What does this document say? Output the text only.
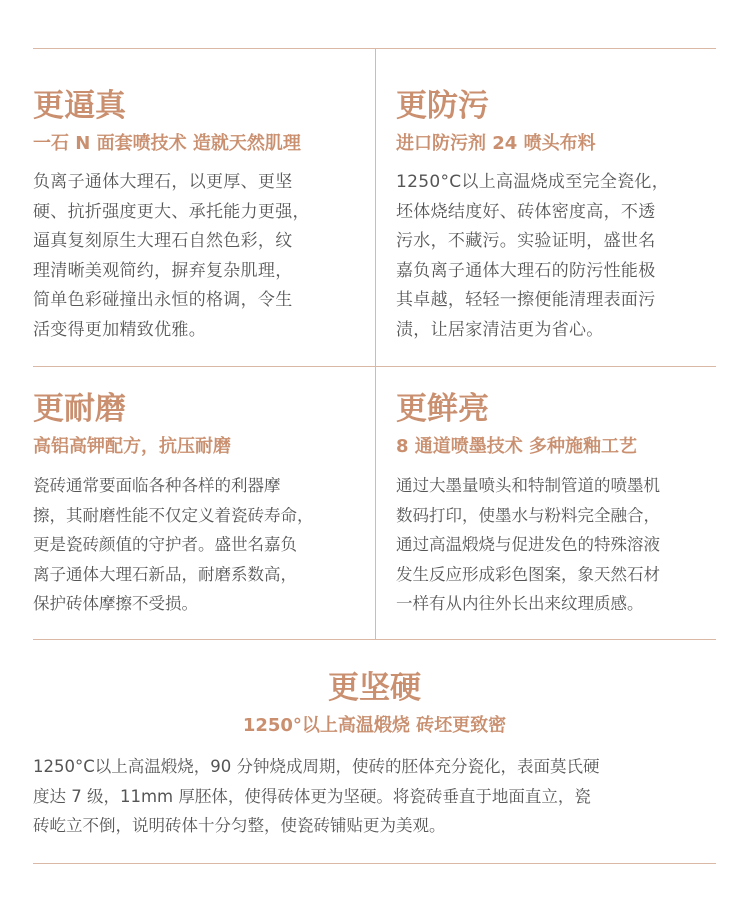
更逼真
一石 N 面套喷技术 造就天然肌理
负离子通体大理石，以更厚、更坚
硬、抗折强度更大、承托能力更强，
逼真复刻原生大理石自然色彩，纹
理清晰美观简约，摒弃复杂肌理，
简单色彩碰撞出永恒的格调，令生
活变得更加精致优雅。
更防污
进口防污剂 24 喷头布料
1250°C以上高温烧成至完全瓷化，
坯体烧结度好、砖体密度高，不透
污水，不藏污。实验证明，盛世名
嘉负离子通体大理石的防污性能极
其卓越，轻轻一擦便能清理表面污
渍，让居家清洁更为省心。
更耐磨
高铝高钾配方，抗压耐磨
瓷砖通常要面临各种各样的利器摩
擦，其耐磨性能不仅定义着瓷砖寿命，
更是瓷砖颜值的守护者。盛世名嘉负
离子通体大理石新品，耐磨系数高，
保护砖体摩擦不受损。
更鲜亮
8 通道喷墨技术 多种施釉工艺
通过大墨量喷头和特制管道的喷墨机
数码打印，使墨水与粉料完全融合，
通过高温煅烧与促进发色的特殊溶液
发生反应形成彩色图案，象天然石材
一样有从内往外长出来纹理质感。
更坚硬
1250°以上高温煅烧 砖坯更致密
1250°C以上高温煅烧，90 分钟烧成周期，使砖的胚体充分瓷化，表面莫氏硬
度达 7 级，11mm 厚胚体，使得砖体更为坚硬。将瓷砖垂直于地面直立，瓷
砖屹立不倒，说明砖体十分匀整，使瓷砖铺贴更为美观。
